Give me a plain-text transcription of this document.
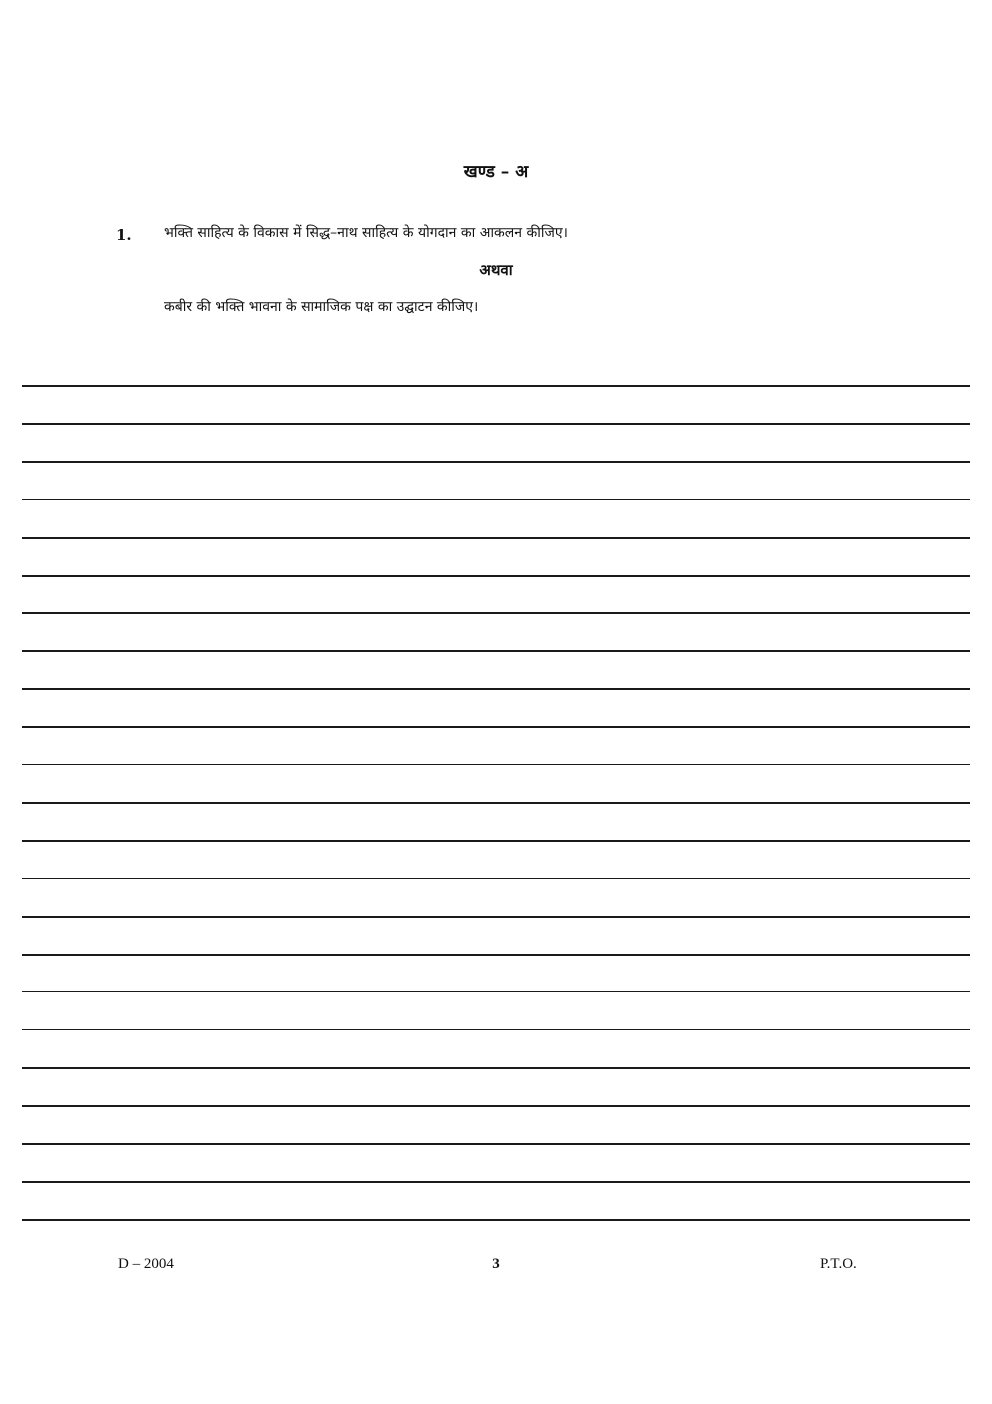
खण्ड – अ
1. भक्ति साहित्य के विकास में सिद्ध–नाथ साहित्य के योगदान का आकलन कीजिए।
अथवा
कबीर की भक्ति भावना के सामाजिक पक्ष का उद्घाटन कीजिए।
D – 2004	3	P.T.O.
